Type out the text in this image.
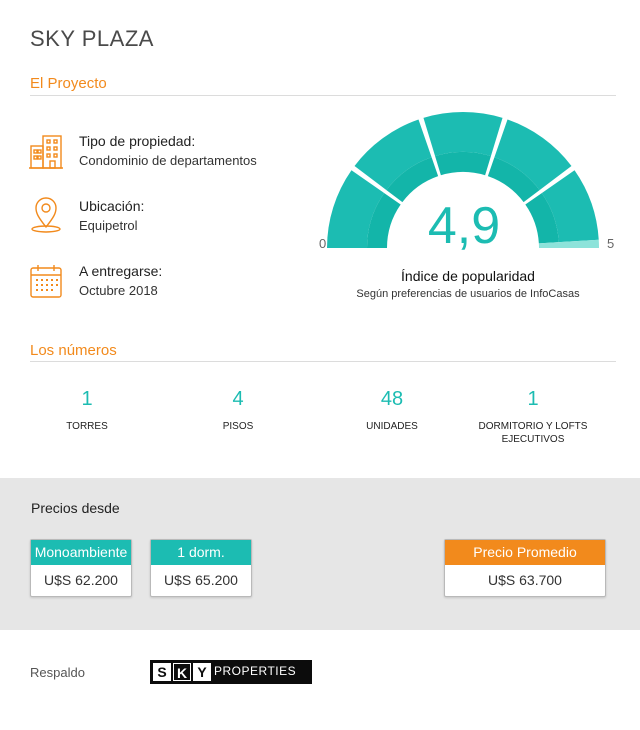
SKY PLAZA
El Proyecto
Tipo de propiedad:
Condominio de departamentos
Ubicación:
Equipetrol
A entregarse:
Octubre 2018
0	5
4,9
Índice de popularidad
Según preferencias de usuarios de InfoCasas
Los números
1
TORRES
4
PISOS
48
UNIDADES
1
DORMITORIO Y LOFTS EJECUTIVOS
Precios desde
Monoambiente
U$S 62.200
1 dorm.
U$S 65.200
Precio Promedio
U$S 63.700
Respaldo	S K Y PROPERTIES
